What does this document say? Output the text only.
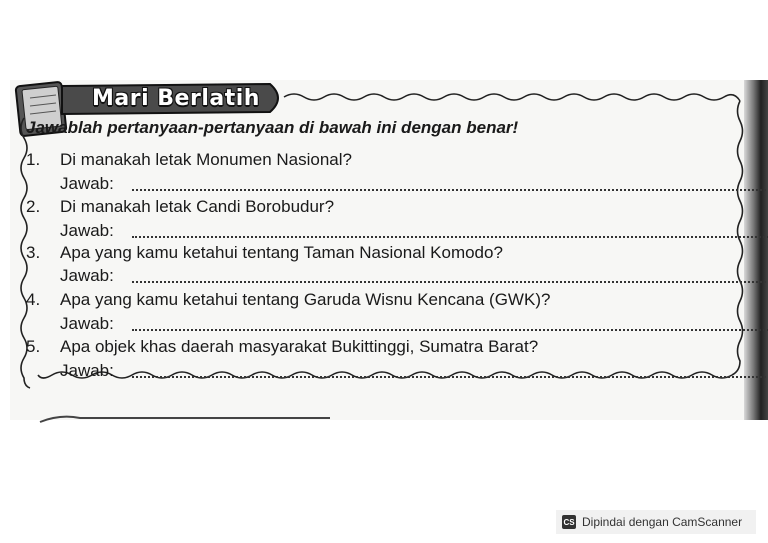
Mari Berlatih
Jawablah pertanyaan-pertanyaan di bawah ini dengan benar!
1.	Di manakah letak Monumen Nasional?
Jawab:
2.	Di manakah letak Candi Borobudur?
Jawab:
3.	Apa yang kamu ketahui tentang Taman Nasional Komodo?
Jawab:
4.	Apa yang kamu ketahui tentang Garuda Wisnu Kencana (GWK)?
Jawab:
5.	Apa objek khas daerah masyarakat Bukittinggi, Sumatra Barat?
Jawab:
CS Dipindai dengan CamScanner
